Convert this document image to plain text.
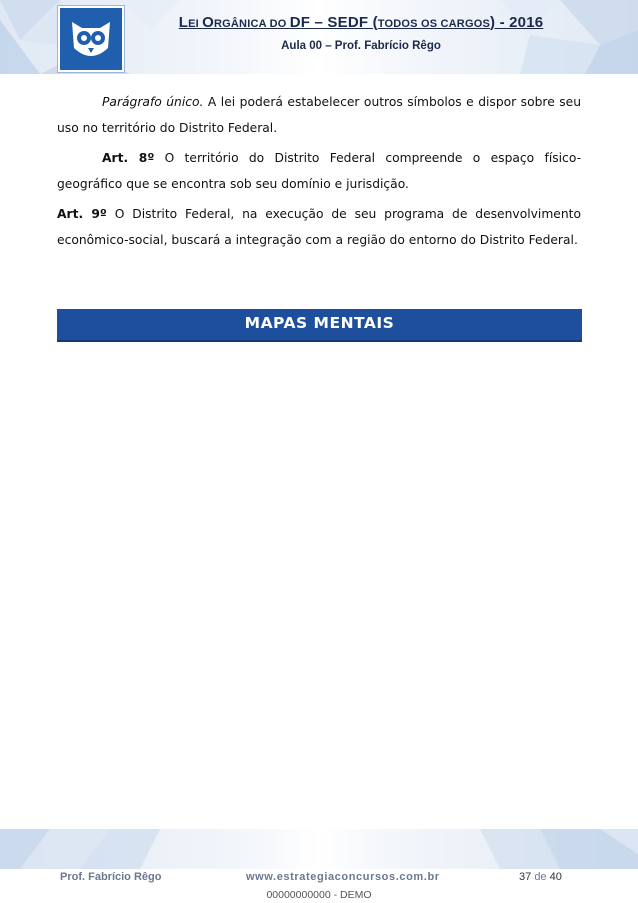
LEI ORGÂNICA DO DF – SEDF (TODOS OS CARGOS) - 2016
Aula 00 – Prof. Fabrício Rêgo

Parágrafo único. A lei poderá estabelecer outros símbolos e dispor sobre seu uso no território do Distrito Federal.

Art. 8º O território do Distrito Federal compreende o espaço físico-geográfico que se encontra sob seu domínio e jurisdição.

Art. 9º O Distrito Federal, na execução de seu programa de desenvolvimento econômico-social, buscará a integração com a região do entorno do Distrito Federal.

MAPAS MENTAIS
Prof. Fabrício Rêgo	www.estrategiaconcursos.com.br	37 de 40
00000000000 - DEMO
